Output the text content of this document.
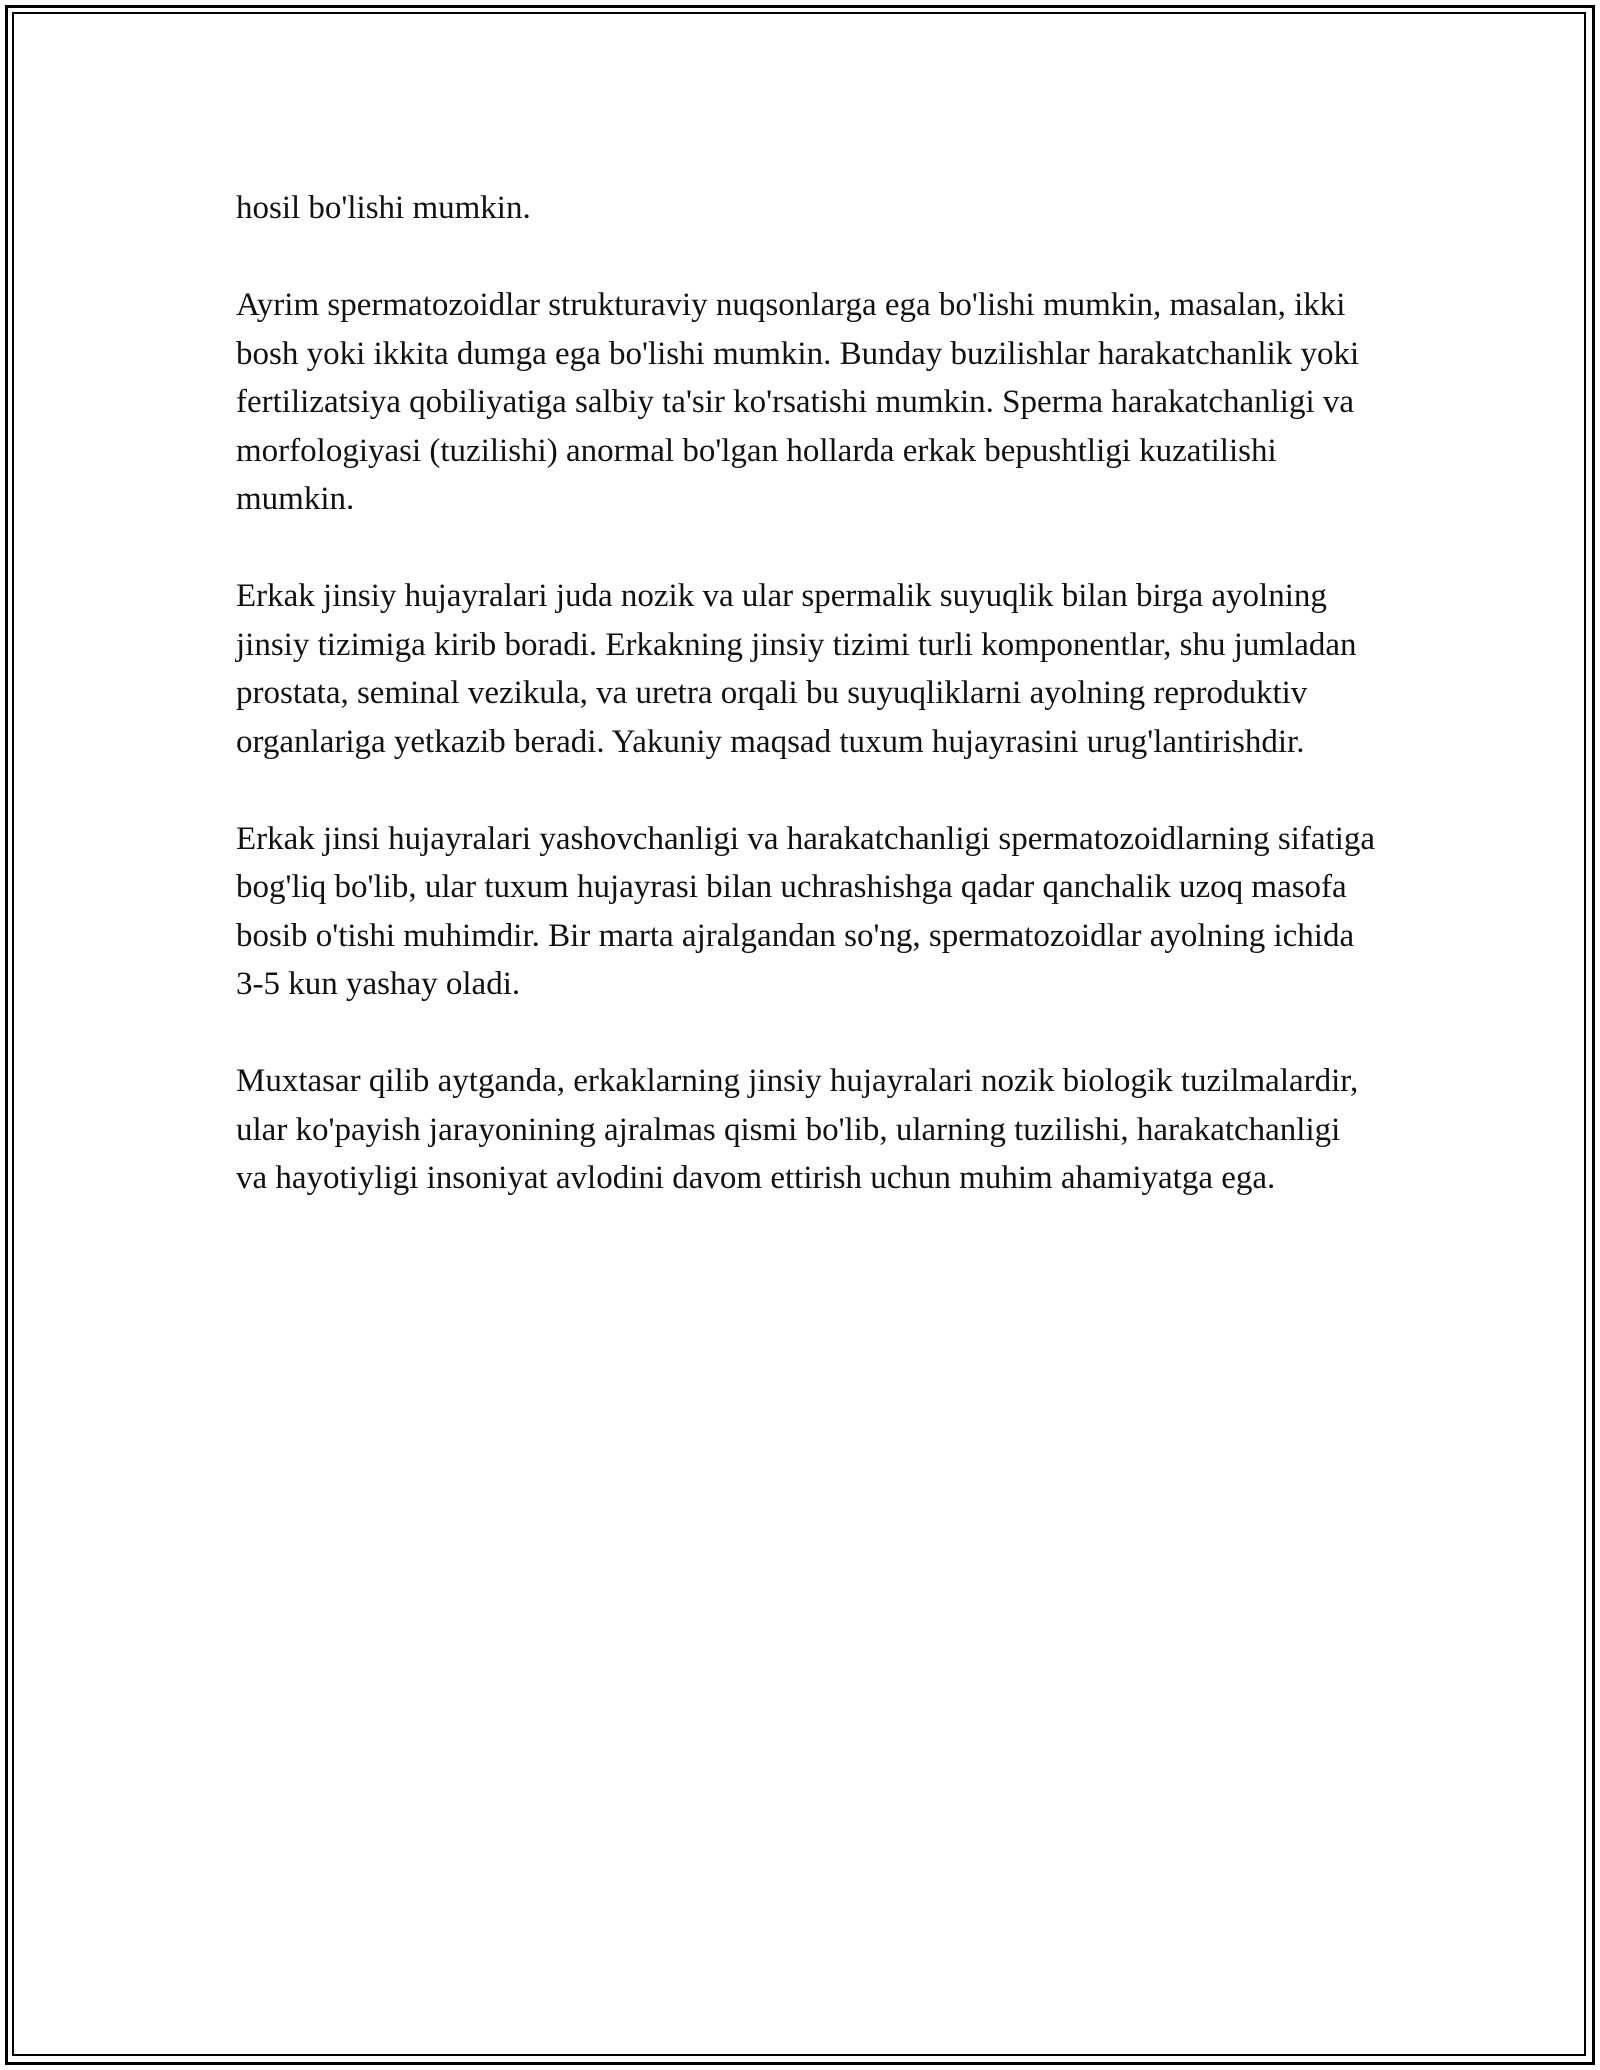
hosil bo'lishi mumkin.

Ayrim spermatozoidlar strukturaviy nuqsonlarga ega bo'lishi mumkin, masalan, ikki bosh yoki ikkita dumga ega bo'lishi mumkin. Bunday buzilishlar harakatchanlik yoki fertilizatsiya qobiliyatiga salbiy ta'sir ko'rsatishi mumkin. Sperma harakatchanligi va morfologiyasi (tuzilishi) anormal bo'lgan hollarda erkak bepushtligi kuzatilishi mumkin.

Erkak jinsiy hujayralari juda nozik va ular spermalik suyuqlik bilan birga ayolning jinsiy tizimiga kirib boradi. Erkakning jinsiy tizimi turli komponentlar, shu jumladan prostata, seminal vezikula, va uretra orqali bu suyuqliklarni ayolning reproduktiv organlariga yetkazib beradi. Yakuniy maqsad tuxum hujayrasini urug'lantirishdir.

Erkak jinsi hujayralari yashovchanligi va harakatchanligi spermatozoidlarning sifatiga bog'liq bo'lib, ular tuxum hujayrasi bilan uchrashishga qadar qanchalik uzoq masofa bosib o'tishi muhimdir. Bir marta ajralgandan so'ng, spermatozoidlar ayolning ichida 3-5 kun yashay oladi.

Muxtasar qilib aytganda, erkaklarning jinsiy hujayralari nozik biologik tuzilmalardir, ular ko'payish jarayonining ajralmas qismi bo'lib, ularning tuzilishi, harakatchanligi va hayotiyligi insoniyat avlodini davom ettirish uchun muhim ahamiyatga ega.
